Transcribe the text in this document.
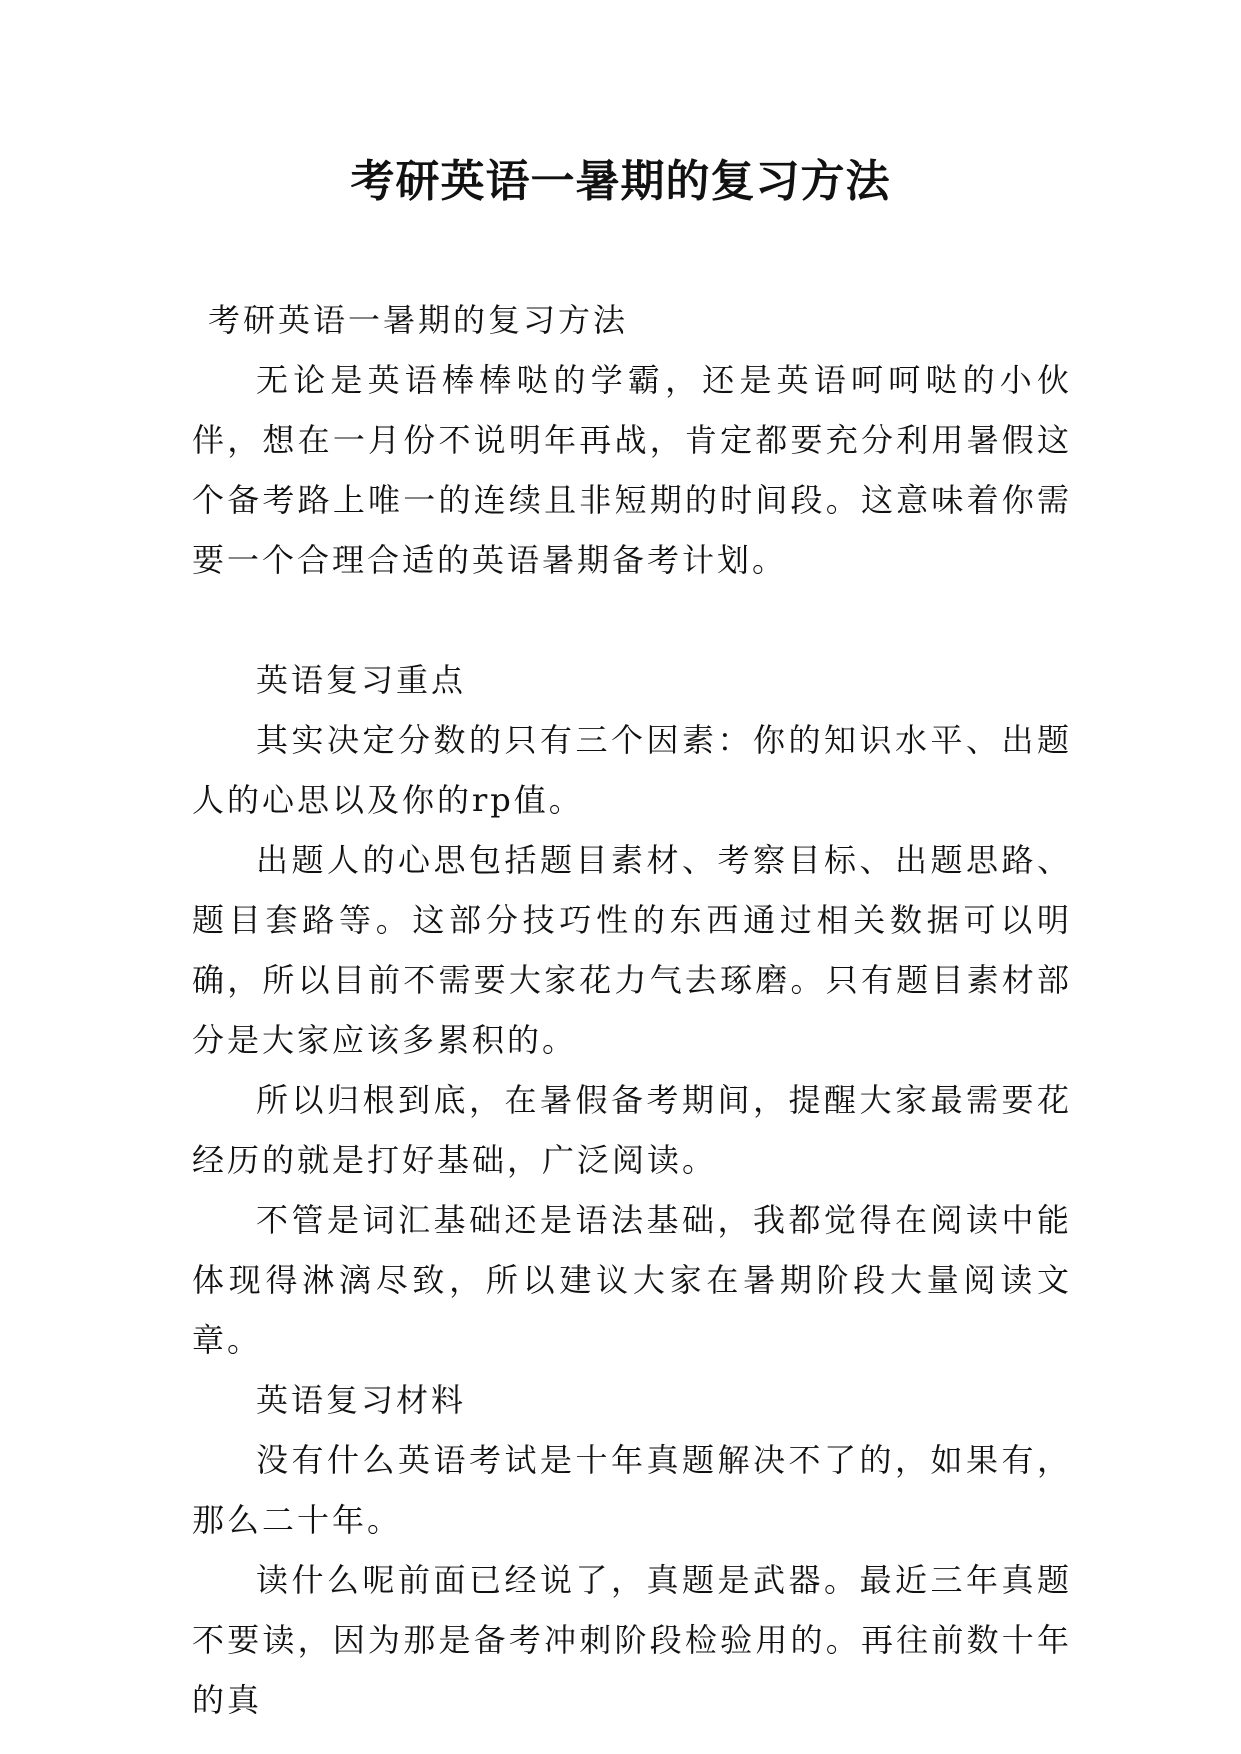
考研英语一暑期的复习方法

考研英语一暑期的复习方法

无论是英语棒棒哒的学霸，还是英语呵呵哒的小伙伴，想在一月份不说明年再战，肯定都要充分利用暑假这个备考路上唯一的连续且非短期的时间段。这意味着你需要一个合理合适的英语暑期备考计划。

英语复习重点

其实决定分数的只有三个因素：你的知识水平、出题人的心思以及你的rp值。

出题人的心思包括题目素材、考察目标、出题思路、题目套路等。这部分技巧性的东西通过相关数据可以明确，所以目前不需要大家花力气去琢磨。只有题目素材部分是大家应该多累积的。

所以归根到底，在暑假备考期间，提醒大家最需要花经历的就是打好基础，广泛阅读。

不管是词汇基础还是语法基础，我都觉得在阅读中能体现得淋漓尽致，所以建议大家在暑期阶段大量阅读文章。

英语复习材料

没有什么英语考试是十年真题解决不了的，如果有，那么二十年。

读什么呢前面已经说了，真题是武器。最近三年真题不要读，因为那是备考冲刺阶段检验用的。再往前数十年的真
